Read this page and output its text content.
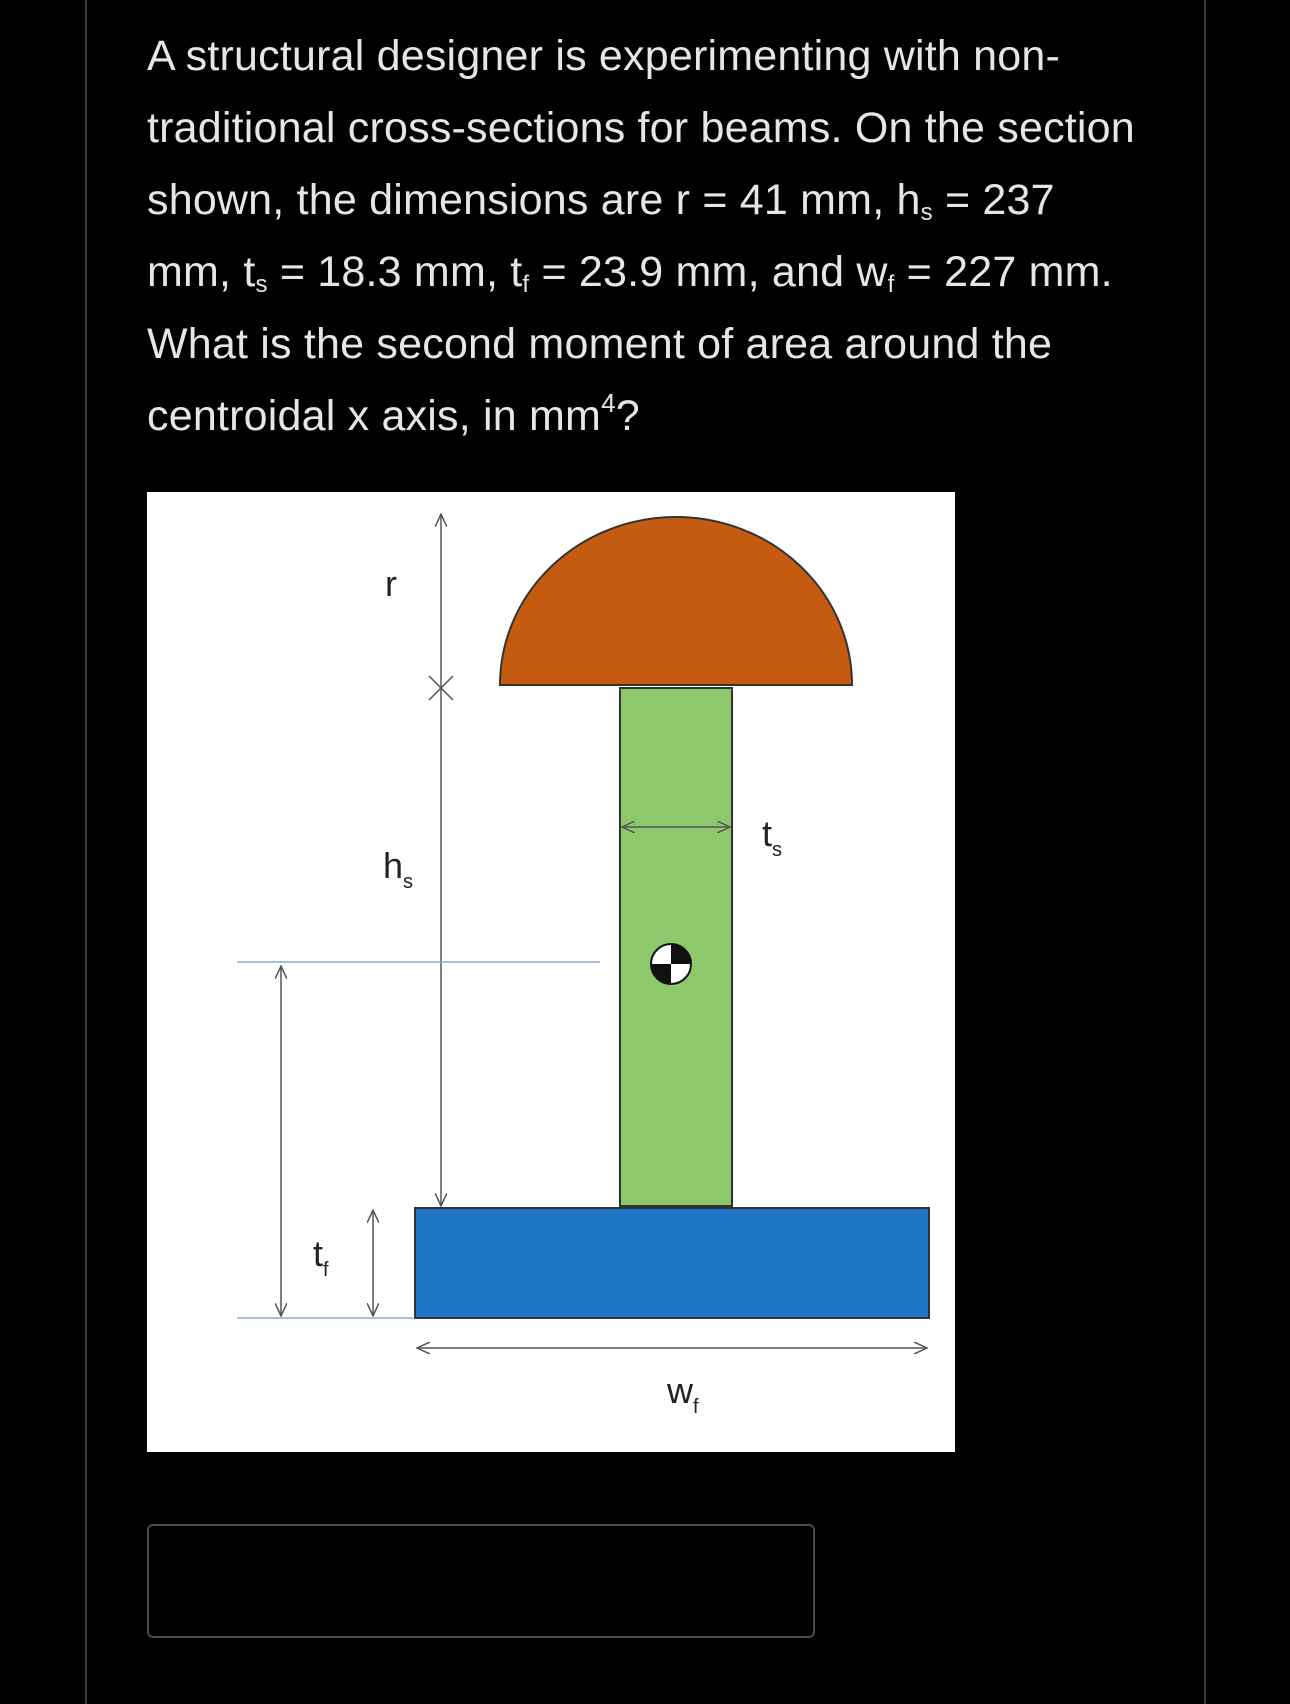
A structural designer is experimenting with non-traditional cross-sections for beams. On the section shown, the dimensions are r = 41 mm, $h_s = 237$ mm, $t_s = 18.3$ mm, $t_f = 23.9$ mm, and $w_f = 227$ mm. What is the second moment of area around the centroidal x axis, in $mm^4$?
r
$h_s$
$t_s$
$t_f$
$w_f$
X
y
$X_1$
